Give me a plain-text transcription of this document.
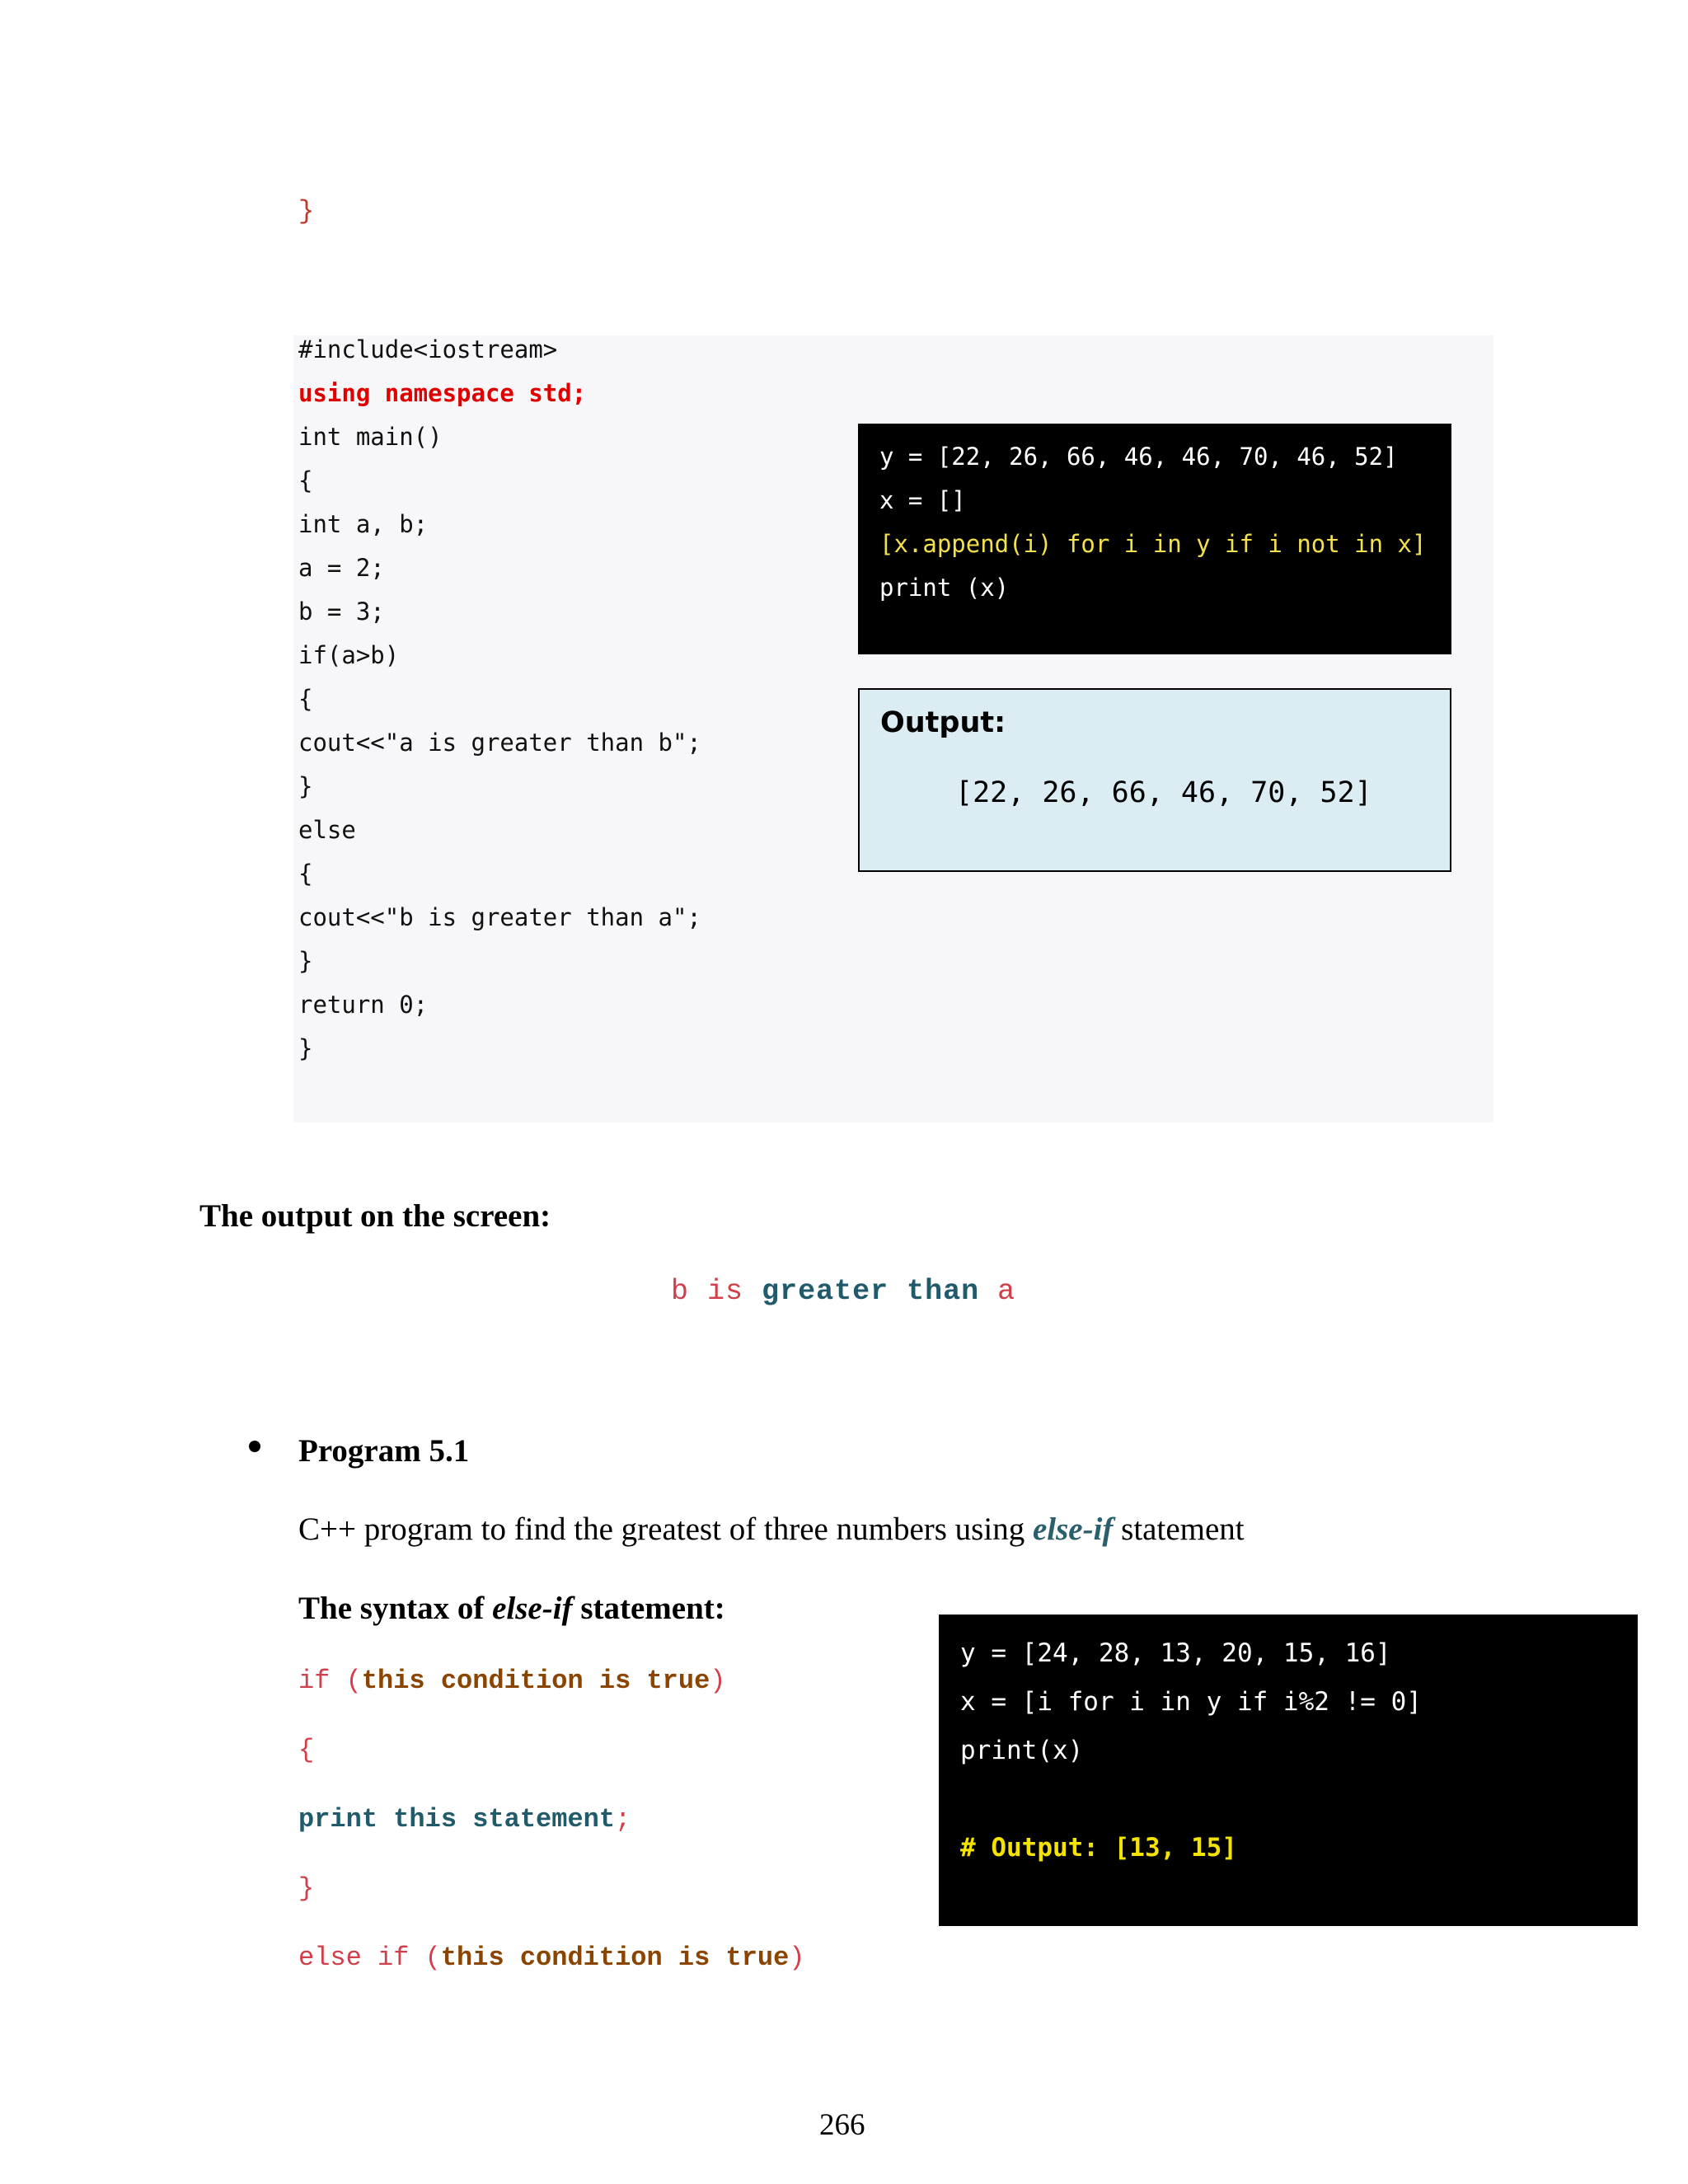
}
#include<iostream>
using namespace std;
int main()
{
int a, b;
a = 2;
b = 3;
if(a>b)
{
cout<<"a is greater than b";
}
else
{
cout<<"b is greater than a";
}
return 0;
}
y = [22, 26, 66, 46, 46, 70, 46, 52]
x = []
[x.append(i) for i in y if i not in x]
print (x)
Output:
[22, 26, 66, 46, 70, 52]
The output on the screen:
b is greater than a
Program 5.1
C++ program to find the greatest of three numbers using else-if statement
The syntax of else-if statement:
if (this condition is true)
{
print this statement;
}
else if (this condition is true)
y = [24, 28, 13, 20, 15, 16]
x = [i for i in y if i%2 != 0]
print(x)
# Output: [13, 15]
266
